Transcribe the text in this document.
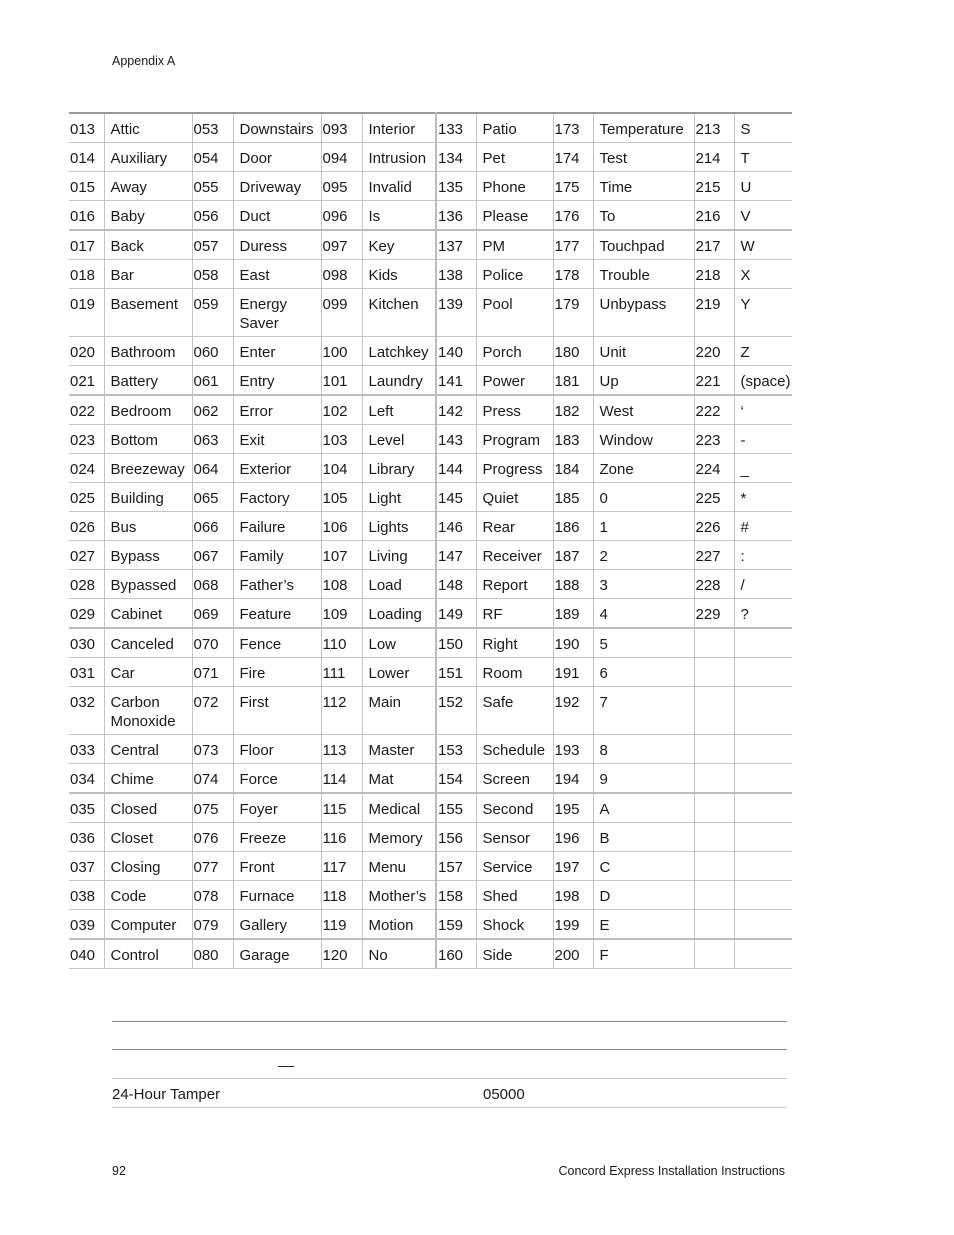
Appendix A
013	Attic	053	Downstairs	093	Interior	133	Patio	173	Temperature	213	S
014	Auxiliary	054	Door	094	Intrusion	134	Pet	174	Test	214	T
015	Away	055	Driveway	095	Invalid	135	Phone	175	Time	215	U
016	Baby	056	Duct	096	Is	136	Please	176	To	216	V
017	Back	057	Duress	097	Key	137	PM	177	Touchpad	217	W
018	Bar	058	East	098	Kids	138	Police	178	Trouble	218	X
019	Basement	059	Energy Saver	099	Kitchen	139	Pool	179	Unbypass	219	Y
020	Bathroom	060	Enter	100	Latchkey	140	Porch	180	Unit	220	Z
021	Battery	061	Entry	101	Laundry	141	Power	181	Up	221	(space)
022	Bedroom	062	Error	102	Left	142	Press	182	West	222	‘
023	Bottom	063	Exit	103	Level	143	Program	183	Window	223	-
024	Breezeway	064	Exterior	104	Library	144	Progress	184	Zone	224	_
025	Building	065	Factory	105	Light	145	Quiet	185	0	225	*
026	Bus	066	Failure	106	Lights	146	Rear	186	1	226	#
027	Bypass	067	Family	107	Living	147	Receiver	187	2	227	:
028	Bypassed	068	Father’s	108	Load	148	Report	188	3	228	/
029	Cabinet	069	Feature	109	Loading	149	RF	189	4	229	?
030	Canceled	070	Fence	110	Low	150	Right	190	5		
031	Car	071	Fire	111	Lower	151	Room	191	6		
032	Carbon Monoxide	072	First	112	Main	152	Safe	192	7		
033	Central	073	Floor	113	Master	153	Schedule	193	8		
034	Chime	074	Force	114	Mat	154	Screen	194	9		
035	Closed	075	Foyer	115	Medical	155	Second	195	A		
036	Closet	076	Freeze	116	Memory	156	Sensor	196	B		
037	Closing	077	Front	117	Menu	157	Service	197	C		
038	Code	078	Furnace	118	Mother’s	158	Shed	198	D		
039	Computer	079	Gallery	119	Motion	159	Shock	199	E		
040	Control	080	Garage	120	No	160	Side	200	F		
24-Hour Tamper	05000
92	Concord Express Installation Instructions
